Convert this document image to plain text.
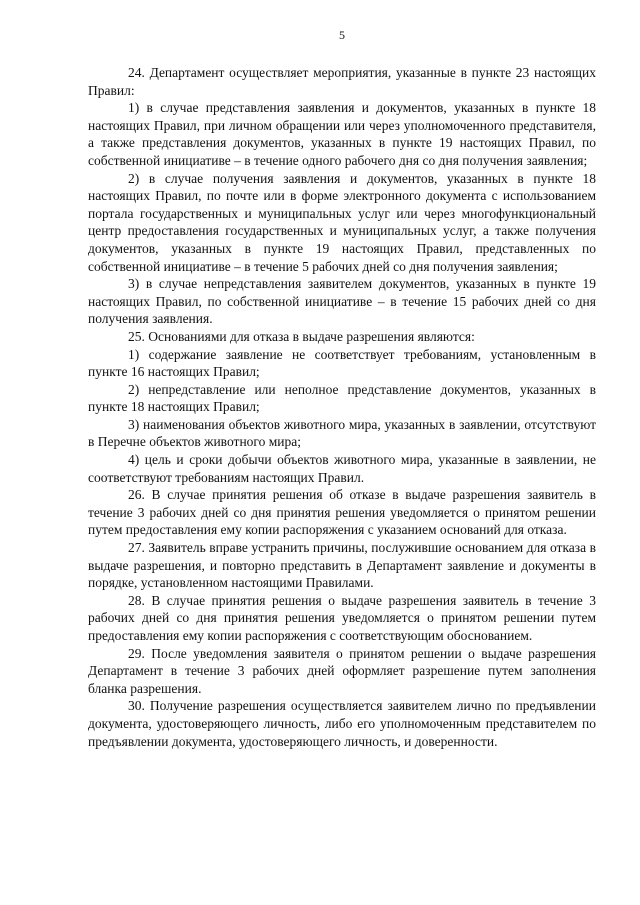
5

24. Департамент осуществляет мероприятия, указанные в пункте 23 настоящих Правил:

1) в случае представления заявления и документов, указанных в пункте 18 настоящих Правил, при личном обращении или через уполномоченного представителя, а также представления документов, указанных в пункте 19 настоящих Правил, по собственной инициативе – в течение одного рабочего дня со дня получения заявления;

2) в случае получения заявления и документов, указанных в пункте 18 настоящих Правил, по почте или в форме электронного документа с использованием портала государственных и муниципальных услуг или через многофункциональный центр предоставления государственных и муниципальных услуг, а также получения документов, указанных в пункте 19 настоящих Правил, представленных по собственной инициативе – в течение 5 рабочих дней со дня получения заявления;

3) в случае непредставления заявителем документов, указанных в пункте 19 настоящих Правил, по собственной инициативе – в течение 15 рабочих дней со дня получения заявления.

25. Основаниями для отказа в выдаче разрешения являются:

1) содержание заявление не соответствует требованиям, установленным в пункте 16 настоящих Правил;

2) непредставление или неполное представление документов, указанных в пункте 18 настоящих Правил;

3) наименования объектов животного мира, указанных в заявлении, отсутствуют в Перечне объектов животного мира;

4) цель и сроки добычи объектов животного мира, указанные в заявлении, не соответствуют требованиям настоящих Правил.

26. В случае принятия решения об отказе в выдаче разрешения заявитель в течение 3 рабочих дней со дня принятия решения уведомляется о принятом решении путем предоставления ему копии распоряжения с указанием оснований для отказа.

27. Заявитель вправе устранить причины, послужившие основанием для отказа в выдаче разрешения, и повторно представить в Департамент заявление и документы в порядке, установленном настоящими Правилами.

28. В случае принятия решения о выдаче разрешения заявитель в течение 3 рабочих дней со дня принятия решения уведомляется о принятом решении путем предоставления ему копии распоряжения с соответствующим обоснованием.

29. После уведомления заявителя о принятом решении о выдаче разрешения Департамент в течение 3 рабочих дней оформляет разрешение путем заполнения бланка разрешения.

30. Получение разрешения осуществляется заявителем лично по предъявлении документа, удостоверяющего личность, либо его уполномоченным представителем по предъявлении документа, удостоверяющего личность, и доверенности.
